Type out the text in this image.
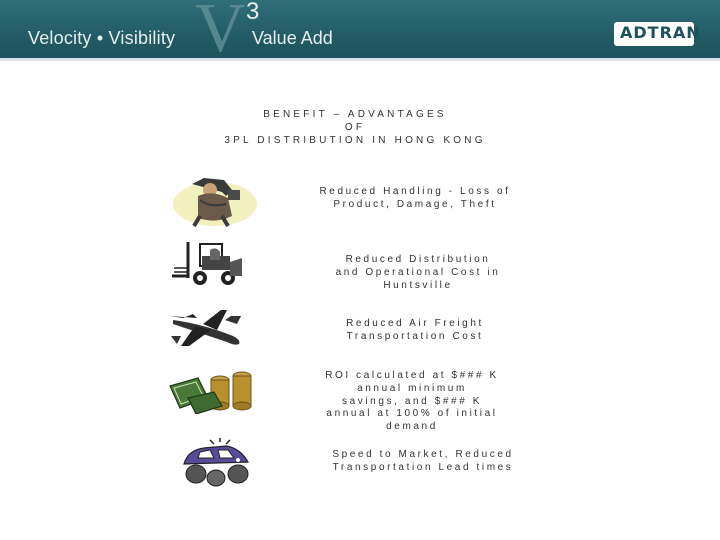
Velocity • Visibility V 3
Value Add	ADTRAN
BENEFIT – ADVANTAGES
OF
3PL DISTRIBUTION IN HONG KONG
Reduced Handling - Loss of
Product, Damage, Theft
Reduced Distribution
and Operational Cost in
Huntsville
Reduced Air Freight
Transportation Cost
ROI calculated at $### K
annual minimum
savings, and $### K
annual at 100% of initial
demand
Speed to Market, Reduced
Transportation Lead times
